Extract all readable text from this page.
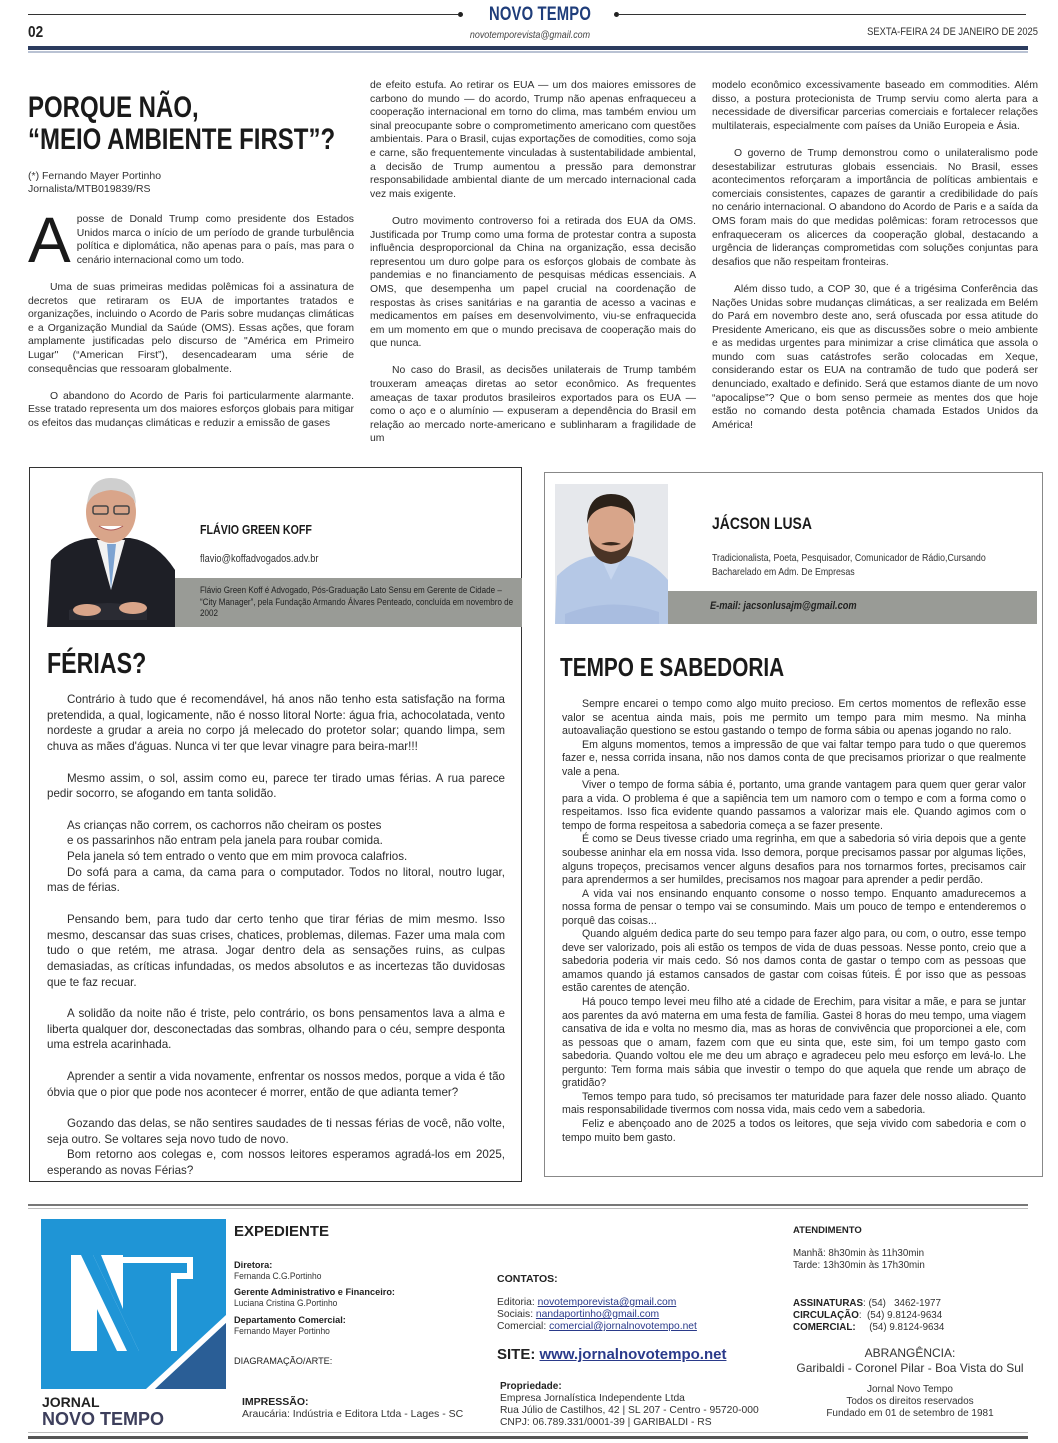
NOVO TEMPO
02	novotemporevista@gmail.com	SEXTA-FEIRA 24 DE JANEIRO DE 2025
PORQUE NÃO,
“MEIO AMBIENTE FIRST”?
(*) Fernando Mayer Portinho
Jornalista/MTB019839/RS

A posse de Donald Trump como presidente dos Estados Unidos marca o início de um período de grande turbulência política e diplomática, não apenas para o país, mas para o cenário internacional como um todo.

Uma de suas primeiras medidas polêmicas foi a assinatura de decretos que retiraram os EUA de importantes tratados e organizações, incluindo o Acordo de Paris sobre mudanças climáticas e a Organização Mundial da Saúde (OMS). Essas ações, que foram amplamente justificadas pelo discurso de "América em Primeiro Lugar" (“American First”), desencadearam uma série de consequências que ressoaram globalmente.

O abandono do Acordo de Paris foi particularmente alarmante. Esse tratado representa um dos maiores esforços globais para mitigar os efeitos das mudanças climáticas e reduzir a emissão de gases

de efeito estufa. Ao retirar os EUA — um dos maiores emissores de carbono do mundo — do acordo, Trump não apenas enfraqueceu a cooperação internacional em torno do clima, mas também enviou um sinal preocupante sobre o comprometimento americano com questões ambientais. Para o Brasil, cujas exportações de comodities, como soja e carne, são frequentemente vinculadas à sustentabilidade ambiental, a decisão de Trump aumentou a pressão para demonstrar responsabilidade ambiental diante de um mercado internacional cada vez mais exigente.

Outro movimento controverso foi a retirada dos EUA da OMS. Justificada por Trump como uma forma de protestar contra a suposta influência desproporcional da China na organização, essa decisão representou um duro golpe para os esforços globais de combate às pandemias e no financiamento de pesquisas médicas essenciais. A OMS, que desempenha um papel crucial na coordenação de respostas às crises sanitárias e na garantia de acesso a vacinas e medicamentos em países em desenvolvimento, viu-se enfraquecida em um momento em que o mundo precisava de cooperação mais do que nunca.

No caso do Brasil, as decisões unilaterais de Trump também trouxeram ameaças diretas ao setor econômico. As frequentes ameaças de taxar produtos brasileiros exportados para os EUA — como o aço e o alumínio — expuseram a dependência do Brasil em relação ao mercado norte-americano e sublinharam a fragilidade de um

modelo econômico excessivamente baseado em commodities. Além disso, a postura protecionista de Trump serviu como alerta para a necessidade de diversificar parcerias comerciais e fortalecer relações multilaterais, especialmente com países da União Europeia e Ásia.

O governo de Trump demonstrou como o unilateralismo pode desestabilizar estruturas globais essenciais. No Brasil, esses acontecimentos reforçaram a importância de políticas ambientais e comerciais consistentes, capazes de garantir a credibilidade do país no cenário internacional. O abandono do Acordo de Paris e a saída da OMS foram mais do que medidas polêmicas: foram retrocessos que enfraqueceram os alicerces da cooperação global, destacando a urgência de lideranças comprometidas com soluções conjuntas para desafios que não respeitam fronteiras.

Além disso tudo, a COP 30, que é a trigésima Conferência das Nações Unidas sobre mudanças climáticas, a ser realizada em Belém do Pará em novembro deste ano, será ofuscada por essa atitude do Presidente Americano, eis que as discussões sobre o meio ambiente e as medidas urgentes para minimizar a crise climática que assola o mundo com suas catástrofes serão colocadas em Xeque, considerando estar os EUA na contramão de tudo que poderá ser denunciado, exaltado e definido. Será que estamos diante de um novo “apocalipse”? Que o bom senso permeie as mentes dos que hoje estão no comando desta potência chamada Estados Unidos da América!

FLÁVIO GREEN KOFF
flavio@koffadvogados.adv.br
Flávio Green Koff é Advogado, Pós-Graduação Lato Sensu em Gerente de Cidade – “City Manager”, pela Fundação Armando Álvares Penteado, concluída em novembro de 2002
FÉRIAS?

Contrário à tudo que é recomendável, há anos não tenho esta satisfação na forma pretendida, a qual, logicamente, não é nosso litoral Norte: água fria, achocolatada, vento nordeste a grudar a areia no corpo já melecado do protetor solar; quando limpa, sem chuva as mães d'águas. Nunca vi ter que levar vinagre para beira-mar!!!

Mesmo assim, o sol, assim como eu, parece ter tirado umas férias. A rua parece pedir socorro, se afogando em tanta solidão.

As crianças não correm, os cachorros não cheiram os postes

e os passarinhos não entram pela janela para roubar comida.

Pela janela só tem entrado o vento que em mim provoca calafrios.

Do sofá para a cama, da cama para o computador. Todos no litoral, noutro lugar, mas de férias.

Pensando bem, para tudo dar certo tenho que tirar férias de mim mesmo. Isso mesmo, descansar das suas crises, chatices, problemas, dilemas. Fazer uma mala com tudo o que retém, me atrasa. Jogar dentro dela as sensações ruins, as culpas demasiadas, as críticas infundadas, os medos absolutos e as incertezas tão duvidosas que te faz recuar.

A solidão da noite não é triste, pelo contrário, os bons pensamentos lava a alma e liberta qualquer dor, desconectadas das sombras, olhando para o céu, sempre desponta uma estrela acarinhada.

Aprender a sentir a vida novamente, enfrentar os nossos medos, porque a vida é tão óbvia que o pior que pode nos acontecer é morrer, então de que adianta temer?

Gozando das delas, se não sentires saudades de ti nessas férias de você, não volte, seja outro. Se voltares seja novo tudo de novo.

Bom retorno aos colegas e, com nossos leitores esperamos agradá-los em 2025, esperando as novas Férias?

JÁCSON LUSA
Tradicionalista, Poeta, Pesquisador, Comunicador de Rádio,Cursando Bacharelado em Adm. De Empresas
E-mail: jacsonlusajm@gmail.com
TEMPO E SABEDORIA

Sempre encarei o tempo como algo muito precioso. Em certos momentos de reflexão esse valor se acentua ainda mais, pois me permito um tempo para mim mesmo. Na minha autoavaliação questiono se estou gastando o tempo de forma sábia ou apenas jogando no ralo.

Em alguns momentos, temos a impressão de que vai faltar tempo para tudo o que queremos fazer e, nessa corrida insana, não nos damos conta de que precisamos priorizar o que realmente vale a pena.

Viver o tempo de forma sábia é, portanto, uma grande vantagem para quem quer gerar valor para a vida. O problema é que a sapiência tem um namoro com o tempo e com a forma como o respeitamos. Isso fica evidente quando passamos a valorizar mais ele. Quando agimos com o tempo de forma respeitosa a sabedoria começa a se fazer presente.

É como se Deus tivesse criado uma regrinha, em que a sabedoria só viria depois que a gente soubesse aninhar ela em nossa vida. Isso demora, porque precisamos passar por algumas lições, alguns tropeços, precisamos vencer alguns desafios para nos tornarmos fortes, precisamos cair para aprendermos a ser humildes, precisamos nos magoar para aprender a pedir perdão.

A vida vai nos ensinando enquanto consome o nosso tempo. Enquanto amadurecemos a nossa forma de pensar o tempo vai se consumindo. Mais um pouco de tempo e entenderemos o porquê das coisas...

Quando alguém dedica parte do seu tempo para fazer algo para, ou com, o outro, esse tempo deve ser valorizado, pois ali estão os tempos de vida de duas pessoas. Nesse ponto, creio que a sabedoria poderia vir mais cedo. Só nos damos conta de gastar o tempo com as pessoas que amamos quando já estamos cansados de gastar com coisas fúteis. É por isso que as pessoas estão carentes de atenção.

Há pouco tempo levei meu filho até a cidade de Erechim, para visitar a mãe, e para se juntar aos parentes da avó materna em uma festa de família. Gastei 8 horas do meu tempo, uma viagem cansativa de ida e volta no mesmo dia, mas as horas de convivência que proporcionei a ele, com as pessoas que o amam, fazem com que eu sinta que, este sim, foi um tempo gasto com sabedoria. Quando voltou ele me deu um abraço e agradeceu pelo meu esforço em levá-lo. Lhe pergunto: Tem forma mais sábia que investir o tempo do que aquela que rende um abraço de gratidão?

Temos tempo para tudo, só precisamos ter maturidade para fazer dele nosso aliado. Quanto mais responsabilidade tivermos com nossa vida, mais cedo vem a sabedoria.

Feliz e abençoado ano de 2025 a todos os leitores, que seja vivido com sabedoria e com o tempo muito bem gasto.

JORNAL
NOVO TEMPO
EXPEDIENTE
Diretora:
Fernanda C.G.Portinho
Gerente Administrativo e Financeiro:
Luciana Cristina G.Portinho
Departamento Comercial:
Fernando Mayer Portinho
DIAGRAMAÇÃO/ARTE:
IMPRESSÃO:
Araucária: Indústria e Editora Ltda - Lages - SC
CONTATOS:
Editoria: novotemporevista@gmail.com
Sociais: nandaportinho@gmail.com
Comercial: comercial@jornalnovotempo.net
SITE: www.jornalnovotempo.net
Propriedade:
Empresa Jornalística Independente Ltda
Rua Júlio de Castilhos, 42 | SL 207 - Centro - 95720-000
CNPJ: 06.789.331/0001-39 | GARIBALDI - RS
ATENDIMENTO
Manhã: 8h30min às 11h30min
Tarde: 13h30min às 17h30min
ASSINATURAS: (54)   3462-1977
CIRCULAÇÃO:  (54) 9.8124-9634
COMERCIAL:     (54) 9.8124-9634
ABRANGÊNCIA:
Garibaldi - Coronel Pilar - Boa Vista do Sul
Jornal Novo Tempo
Todos os direitos reservados
Fundado em 01 de setembro de 1981
